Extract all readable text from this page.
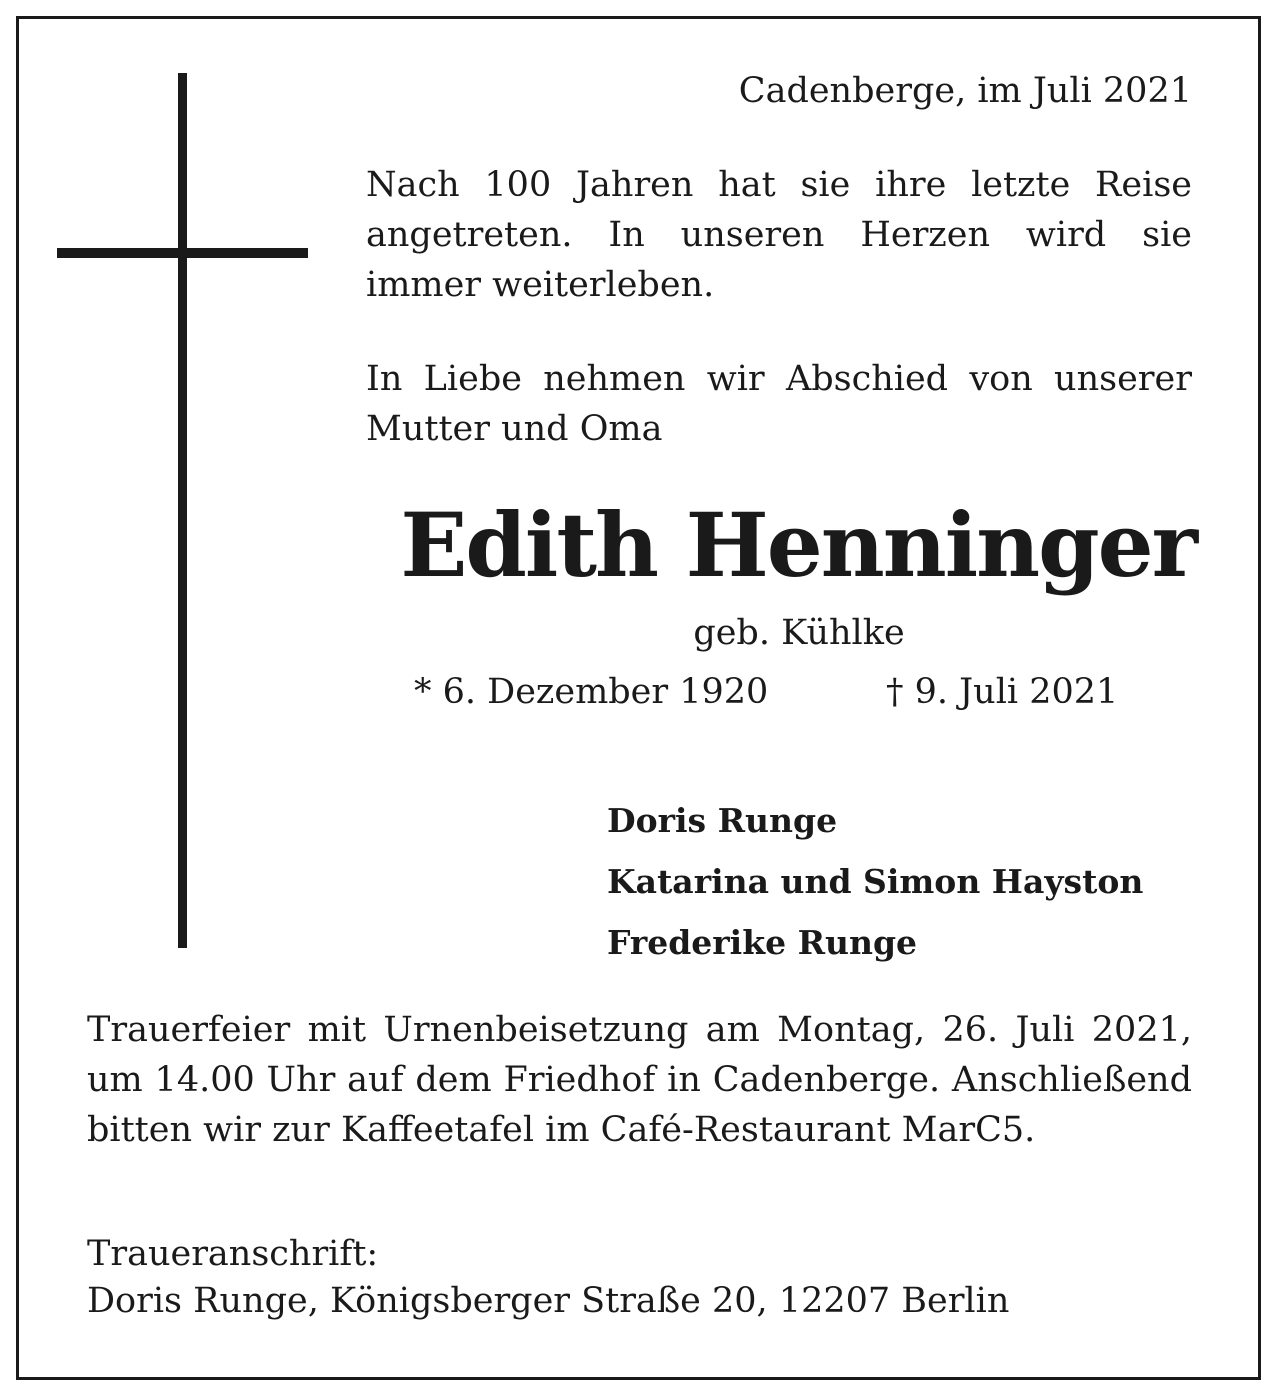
Cadenberge, im Juli 2021
Nach 100 Jahren hat sie ihre letzte Reise angetreten. In unseren Herzen wird sie immer weiterleben.
In Liebe nehmen wir Abschied von unserer Mutter und Oma
Edith Henninger
geb. Kühlke
* 6. Dezember 1920	† 9. Juli 2021
Doris Runge
Katarina und Simon Hayston
Frederike Runge
Trauerfeier mit Urnenbeisetzung am Montag, 26. Juli 2021, um 14.00 Uhr auf dem Friedhof in Cadenberge. Anschließend bitten wir zur Kaffeetafel im Café-Restaurant MarC5.
Traueranschrift:
Doris Runge, Königsberger Straße 20, 12207 Berlin
